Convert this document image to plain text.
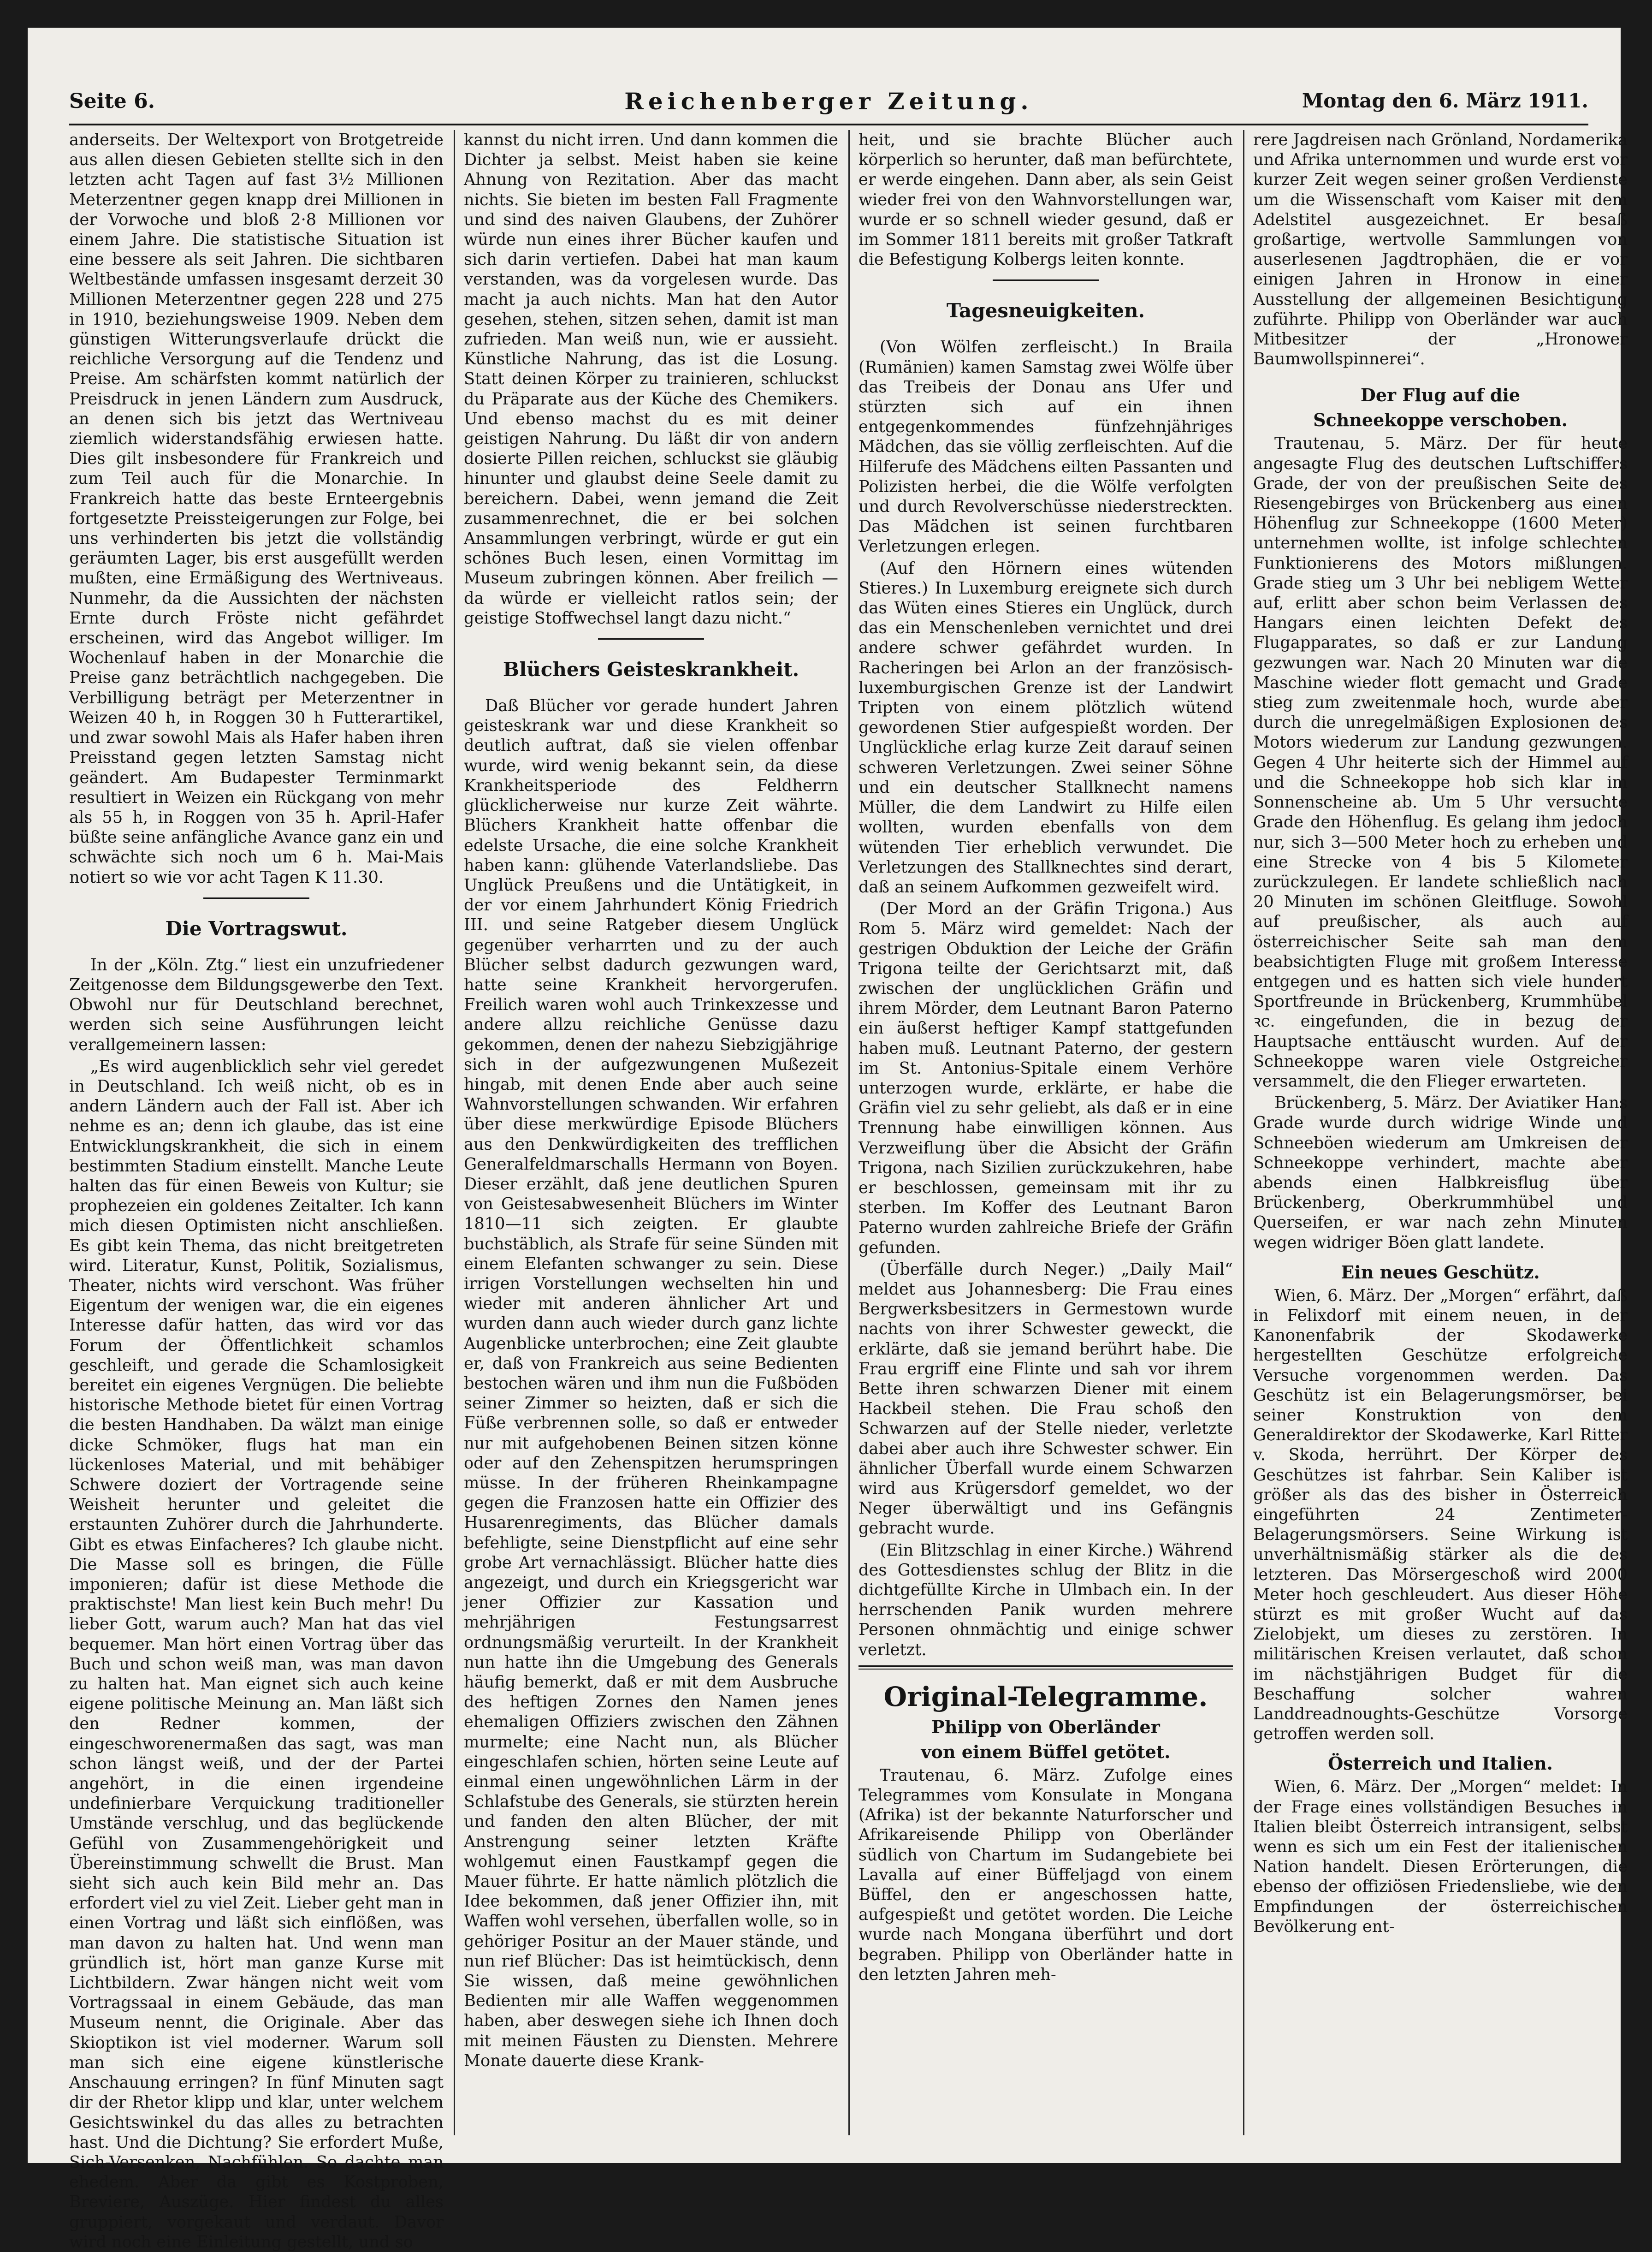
Seite 6.	Reichenberger Zeitung.	Montag den 6. März 1911.

anderseits. Der Weltexport von Brotgetreide aus allen diesen Gebieten stellte sich in den letzten acht Tagen auf fast 3½ Millionen Meterzentner gegen knapp drei Millionen in der Vorwoche und bloß 2·8 Millionen vor einem Jahre. Die statistische Situation ist eine bessere als seit Jahren. Die sichtbaren Weltbestände umfassen insgesamt derzeit 30 Millionen Meterzentner gegen 228 und 275 in 1910, beziehungsweise 1909. Neben dem günstigen Witterungsverlaufe drückt die reichliche Versorgung auf die Tendenz und Preise. Am schärfsten kommt natürlich der Preisdruck in jenen Ländern zum Ausdruck, an denen sich bis jetzt das Wertniveau ziemlich widerstandsfähig erwiesen hatte. Dies gilt insbesondere für Frankreich und zum Teil auch für die Monarchie. In Frankreich hatte das beste Ernteergebnis fortgesetzte Preissteigerungen zur Folge, bei uns verhinderten bis jetzt die vollständig geräumten Lager, bis erst ausgefüllt werden mußten, eine Ermäßigung des Wertniveaus. Nunmehr, da die Aussichten der nächsten Ernte durch Fröste nicht gefährdet erscheinen, wird das Angebot williger. Im Wochenlauf haben in der Monarchie die Preise ganz beträchtlich nachgegeben. Die Verbilligung beträgt per Meterzentner in Weizen 40 h, in Roggen 30 h Futterartikel, und zwar sowohl Mais als Hafer haben ihren Preisstand gegen letzten Samstag nicht geändert. Am Budapester Terminmarkt resultiert in Weizen ein Rückgang von mehr als 55 h, in Roggen von 35 h. April-Hafer büßte seine anfängliche Avance ganz ein und schwächte sich noch um 6 h. Mai-Mais notiert so wie vor acht Tagen K 11.30.

Die Vortragswut.

In der „Köln. Ztg.“ liest ein unzufriedener Zeitgenosse dem Bildungsgewerbe den Text. Obwohl nur für Deutschland berechnet, werden sich seine Ausführungen leicht verallgemeinern lassen:

„Es wird augenblicklich sehr viel geredet in Deutschland. Ich weiß nicht, ob es in andern Ländern auch der Fall ist. Aber ich nehme es an; denn ich glaube, das ist eine Entwicklungskrankheit, die sich in einem bestimmten Stadium einstellt. Manche Leute halten das für einen Beweis von Kultur; sie prophezeien ein goldenes Zeitalter. Ich kann mich diesen Optimisten nicht anschließen. Es gibt kein Thema, das nicht breitgetreten wird. Literatur, Kunst, Politik, Sozialismus, Theater, nichts wird verschont. Was früher Eigentum der wenigen war, die ein eigenes Interesse dafür hatten, das wird vor das Forum der Öffentlichkeit schamlos geschleift, und gerade die Schamlosigkeit bereitet ein eigenes Vergnügen. Die beliebte historische Methode bietet für einen Vortrag die besten Handhaben. Da wälzt man einige dicke Schmöker, flugs hat man ein lückenloses Material, und mit behäbiger Schwere doziert der Vortragende seine Weisheit herunter und geleitet die erstaunten Zuhörer durch die Jahrhunderte. Gibt es etwas Einfacheres? Ich glaube nicht. Die Masse soll es bringen, die Fülle imponieren; dafür ist diese Methode die praktischste! Man liest kein Buch mehr! Du lieber Gott, warum auch? Man hat das viel bequemer. Man hört einen Vortrag über das Buch und schon weiß man, was man davon zu halten hat. Man eignet sich auch keine eigene politische Meinung an. Man läßt sich den Redner kommen, der eingeschworenermaßen das sagt, was man schon längst weiß, und der der Partei angehört, in die einen irgendeine undefinierbare Verquickung traditioneller Umstände verschlug, und das beglückende Gefühl von Zusammengehörigkeit und Übereinstimmung schwellt die Brust. Man sieht sich auch kein Bild mehr an. Das erfordert viel zu viel Zeit. Lieber geht man in einen Vortrag und läßt sich einflößen, was man davon zu halten hat. Und wenn man gründlich ist, hört man ganze Kurse mit Lichtbildern. Zwar hängen nicht weit vom Vortragssaal in einem Gebäude, das man Museum nennt, die Originale. Aber das Skioptikon ist viel moderner. Warum soll man sich eine eigene künstlerische Anschauung erringen? In fünf Minuten sagt dir der Rhetor klipp und klar, unter welchem Gesichtswinkel du das alles zu betrachten hast. Und die Dichtung? Sie erfordert Muße, Sich-Versenken, Nachfühlen. So dachte man ehedem. Aber da gibt es Kostproben, Breviere, Auszüge. Hier findest du alles gruppiert, vorgekaut und verdaut. Davor wird noch eine Einleitung gestellt, und so

kannst du nicht irren. Und dann kommen die Dichter ja selbst. Meist haben sie keine Ahnung von Rezitation. Aber das macht nichts. Sie bieten im besten Fall Fragmente und sind des naiven Glaubens, der Zuhörer würde nun eines ihrer Bücher kaufen und sich darin vertiefen. Dabei hat man kaum verstanden, was da vorgelesen wurde. Das macht ja auch nichts. Man hat den Autor gesehen, stehen, sitzen sehen, damit ist man zufrieden. Man weiß nun, wie er aussieht. Künstliche Nahrung, das ist die Losung. Statt deinen Körper zu trainieren, schluckst du Präparate aus der Küche des Chemikers. Und ebenso machst du es mit deiner geistigen Nahrung. Du läßt dir von andern dosierte Pillen reichen, schluckst sie gläubig hinunter und glaubst deine Seele damit zu bereichern. Dabei, wenn jemand die Zeit zusammenrechnet, die er bei solchen Ansammlungen verbringt, würde er gut ein schönes Buch lesen, einen Vormittag im Museum zubringen können. Aber freilich — da würde er vielleicht ratlos sein; der geistige Stoffwechsel langt dazu nicht.“

Blüchers Geisteskrankheit.

Daß Blücher vor gerade hundert Jahren geisteskrank war und diese Krankheit so deutlich auftrat, daß sie vielen offenbar wurde, wird wenig bekannt sein, da diese Krankheitsperiode des Feldherrn glücklicherweise nur kurze Zeit währte. Blüchers Krankheit hatte offenbar die edelste Ursache, die eine solche Krankheit haben kann: glühende Vaterlandsliebe. Das Unglück Preußens und die Untätigkeit, in der vor einem Jahrhundert König Friedrich III. und seine Ratgeber diesem Unglück gegenüber verharrten und zu der auch Blücher selbst dadurch gezwungen ward, hatte seine Krankheit hervorgerufen. Freilich waren wohl auch Trinkexzesse und andere allzu reichliche Genüsse dazu gekommen, denen der nahezu Siebzigjährige sich in der aufgezwungenen Mußezeit hingab, mit denen Ende aber auch seine Wahnvorstellungen schwanden. Wir erfahren über diese merkwürdige Episode Blüchers aus den Denkwürdigkeiten des trefflichen Generalfeldmarschalls Hermann von Boyen. Dieser erzählt, daß jene deutlichen Spuren von Geistesabwesenheit Blüchers im Winter 1810—11 sich zeigten. Er glaubte buchstäblich, als Strafe für seine Sünden mit einem Elefanten schwanger zu sein. Diese irrigen Vorstellungen wechselten hin und wieder mit anderen ähnlicher Art und wurden dann auch wieder durch ganz lichte Augenblicke unterbrochen; eine Zeit glaubte er, daß von Frankreich aus seine Bedienten bestochen wären und ihm nun die Fußböden seiner Zimmer so heizten, daß er sich die Füße verbrennen solle, so daß er entweder nur mit aufgehobenen Beinen sitzen könne oder auf den Zehenspitzen herumspringen müsse. In der früheren Rheinkampagne gegen die Franzosen hatte ein Offizier des Husarenregiments, das Blücher damals befehligte, seine Dienstpflicht auf eine sehr grobe Art vernachlässigt. Blücher hatte dies angezeigt, und durch ein Kriegsgericht war jener Offizier zur Kassation und mehrjährigen Festungsarrest ordnungsmäßig verurteilt. In der Krankheit nun hatte ihn die Umgebung des Generals häufig bemerkt, daß er mit dem Ausbruche des heftigen Zornes den Namen jenes ehemaligen Offiziers zwischen den Zähnen murmelte; eine Nacht nun, als Blücher eingeschlafen schien, hörten seine Leute auf einmal einen ungewöhnlichen Lärm in der Schlafstube des Generals, sie stürzten herein und fanden den alten Blücher, der mit Anstrengung seiner letzten Kräfte wohlgemut einen Faustkampf gegen die Mauer führte. Er hatte nämlich plötzlich die Idee bekommen, daß jener Offizier ihn, mit Waffen wohl versehen, überfallen wolle, so in gehöriger Positur an der Mauer stände, und nun rief Blücher: Das ist heimtückisch, denn Sie wissen, daß meine gewöhnlichen Bedienten mir alle Waffen weggenommen haben, aber deswegen siehe ich Ihnen doch mit meinen Fäusten zu Diensten. Mehrere Monate dauerte diese Krank-

heit, und sie brachte Blücher auch körperlich so herunter, daß man befürchtete, er werde eingehen. Dann aber, als sein Geist wieder frei von den Wahnvorstellungen war, wurde er so schnell wieder gesund, daß er im Sommer 1811 bereits mit großer Tatkraft die Befestigung Kolbergs leiten konnte.

Tagesneuigkeiten.

(Von Wölfen zerfleischt.) In Braila (Rumänien) kamen Samstag zwei Wölfe über das Treibeis der Donau ans Ufer und stürzten sich auf ein ihnen entgegenkommendes fünfzehnjähriges Mädchen, das sie völlig zerfleischten. Auf die Hilferufe des Mädchens eilten Passanten und Polizisten herbei, die die Wölfe verfolgten und durch Revolverschüsse niederstreckten. Das Mädchen ist seinen furchtbaren Verletzungen erlegen.

(Auf den Hörnern eines wütenden Stieres.) In Luxemburg ereignete sich durch das Wüten eines Stieres ein Unglück, durch das ein Menschenleben vernichtet und drei andere schwer gefährdet wurden. In Racheringen bei Arlon an der französisch-luxemburgischen Grenze ist der Landwirt Tripten von einem plötzlich wütend gewordenen Stier aufgespießt worden. Der Unglückliche erlag kurze Zeit darauf seinen schweren Verletzungen. Zwei seiner Söhne und ein deutscher Stallknecht namens Müller, die dem Landwirt zu Hilfe eilen wollten, wurden ebenfalls von dem wütenden Tier erheblich verwundet. Die Verletzungen des Stallknechtes sind derart, daß an seinem Aufkommen gezweifelt wird.

(Der Mord an der Gräfin Trigona.) Aus Rom 5. März wird gemeldet: Nach der gestrigen Obduktion der Leiche der Gräfin Trigona teilte der Gerichtsarzt mit, daß zwischen der unglücklichen Gräfin und ihrem Mörder, dem Leutnant Baron Paterno ein äußerst heftiger Kampf stattgefunden haben muß. Leutnant Paterno, der gestern im St. Antonius-Spitale einem Verhöre unterzogen wurde, erklärte, er habe die Gräfin viel zu sehr geliebt, als daß er in eine Trennung habe einwilligen können. Aus Verzweiflung über die Absicht der Gräfin Trigona, nach Sizilien zurückzukehren, habe er beschlossen, gemeinsam mit ihr zu sterben. Im Koffer des Leutnant Baron Paterno wurden zahlreiche Briefe der Gräfin gefunden.

(Überfälle durch Neger.) „Daily Mail“ meldet aus Johannesberg: Die Frau eines Bergwerksbesitzers in Germestown wurde nachts von ihrer Schwester geweckt, die erklärte, daß sie jemand berührt habe. Die Frau ergriff eine Flinte und sah vor ihrem Bette ihren schwarzen Diener mit einem Hackbeil stehen. Die Frau schoß den Schwarzen auf der Stelle nieder, verletzte dabei aber auch ihre Schwester schwer. Ein ähnlicher Überfall wurde einem Schwarzen wird aus Krügersdorf gemeldet, wo der Neger überwältigt und ins Gefängnis gebracht wurde.

(Ein Blitzschlag in einer Kirche.) Während des Gottesdienstes schlug der Blitz in die dichtgefüllte Kirche in Ulmbach ein. In der herrschenden Panik wurden mehrere Personen ohnmächtig und einige schwer verletzt.

Original-Telegramme.
Philipp von Oberländer
von einem Büffel getötet.

Trautenau, 6. März. Zufolge eines Telegrammes vom Konsulate in Mongana (Afrika) ist der bekannte Naturforscher und Afrikareisende Philipp von Oberländer südlich von Chartum im Sudangebiete bei Lavalla auf einer Büffeljagd von einem Büffel, den er angeschossen hatte, aufgespießt und getötet worden. Die Leiche wurde nach Mongana überführt und dort begraben. Philipp von Oberländer hatte in den letzten Jahren meh-

rere Jagdreisen nach Grönland, Nordamerika und Afrika unternommen und wurde erst vor kurzer Zeit wegen seiner großen Verdienste um die Wissenschaft vom Kaiser mit dem Adelstitel ausgezeichnet. Er besaß großartige, wertvolle Sammlungen von auserlesenen Jagdtrophäen, die er vor einigen Jahren in Hronow in einer Ausstellung der allgemeinen Besichtigung zuführte. Philipp von Oberländer war auch Mitbesitzer der „Hronower Baumwollspinnerei“.

Der Flug auf die
Schneekoppe verschoben.

Trautenau, 5. März. Der für heute angesagte Flug des deutschen Luftschiffers Grade, der von der preußischen Seite des Riesengebirges von Brückenberg aus einen Höhenflug zur Schneekoppe (1600 Meter) unternehmen wollte, ist infolge schlechten Funktionierens des Motors mißlungen. Grade stieg um 3 Uhr bei nebligem Wetter auf, erlitt aber schon beim Verlassen des Hangars einen leichten Defekt des Flugapparates, so daß er zur Landung gezwungen war. Nach 20 Minuten war die Maschine wieder flott gemacht und Grade stieg zum zweitenmale hoch, wurde aber durch die unregelmäßigen Explosionen des Motors wiederum zur Landung gezwungen. Gegen 4 Uhr heiterte sich der Himmel auf und die Schneekoppe hob sich klar im Sonnenscheine ab. Um 5 Uhr versuchte Grade den Höhenflug. Es gelang ihm jedoch nur, sich 3—500 Meter hoch zu erheben und eine Strecke von 4 bis 5 Kilometer zurückzulegen. Er landete schließlich nach 20 Minuten im schönen Gleitfluge. Sowohl auf preußischer, als auch auf österreichischer Seite sah man dem beabsichtigten Fluge mit großem Interesse entgegen und es hatten sich viele hundert Sportfreunde in Brückenberg, Krummhübel ꝛc. eingefunden, die in bezug der Hauptsache enttäuscht wurden. Auf der Schneekoppe waren viele Ostgreicher versammelt, die den Flieger erwarteten.

Brückenberg, 5. März. Der Aviatiker Hans Grade wurde durch widrige Winde und Schneeböen wiederum am Umkreisen der Schneekoppe verhindert, machte aber abends einen Halbkreisflug über Brückenberg, Oberkrummhübel und Querseifen, er war nach zehn Minuten wegen widriger Böen glatt landete.

Ein neues Geschütz.

Wien, 6. März. Der „Morgen“ erfährt, daß in Felixdorf mit einem neuen, in der Kanonenfabrik der Skodawerke hergestellten Geschütze erfolgreiche Versuche vorgenommen werden. Das Geschütz ist ein Belagerungsmörser, bei seiner Konstruktion von dem Generaldirektor der Skodawerke, Karl Ritter v. Skoda, herrührt. Der Körper des Geschützes ist fahrbar. Sein Kaliber ist größer als das des bisher in Österreich eingeführten 24 Zentimeter-Belagerungsmörsers. Seine Wirkung ist unverhältnismäßig stärker als die des letzteren. Das Mörsergeschoß wird 2000 Meter hoch geschleudert. Aus dieser Höhe stürzt es mit großer Wucht auf das Zielobjekt, um dieses zu zerstören. In militärischen Kreisen verlautet, daß schon im nächstjährigen Budget für die Beschaffung solcher wahren Landdreadnoughts-Geschütze Vorsorge getroffen werden soll.

Österreich und Italien.

Wien, 6. März. Der „Morgen“ meldet: In der Frage eines vollständigen Besuches in Italien bleibt Österreich intransigent, selbst wenn es sich um ein Fest der italienischen Nation handelt. Diesen Erörterungen, die ebenso der offiziösen Friedensliebe, wie den Empfindungen der österreichischen Bevölkerung ent-
